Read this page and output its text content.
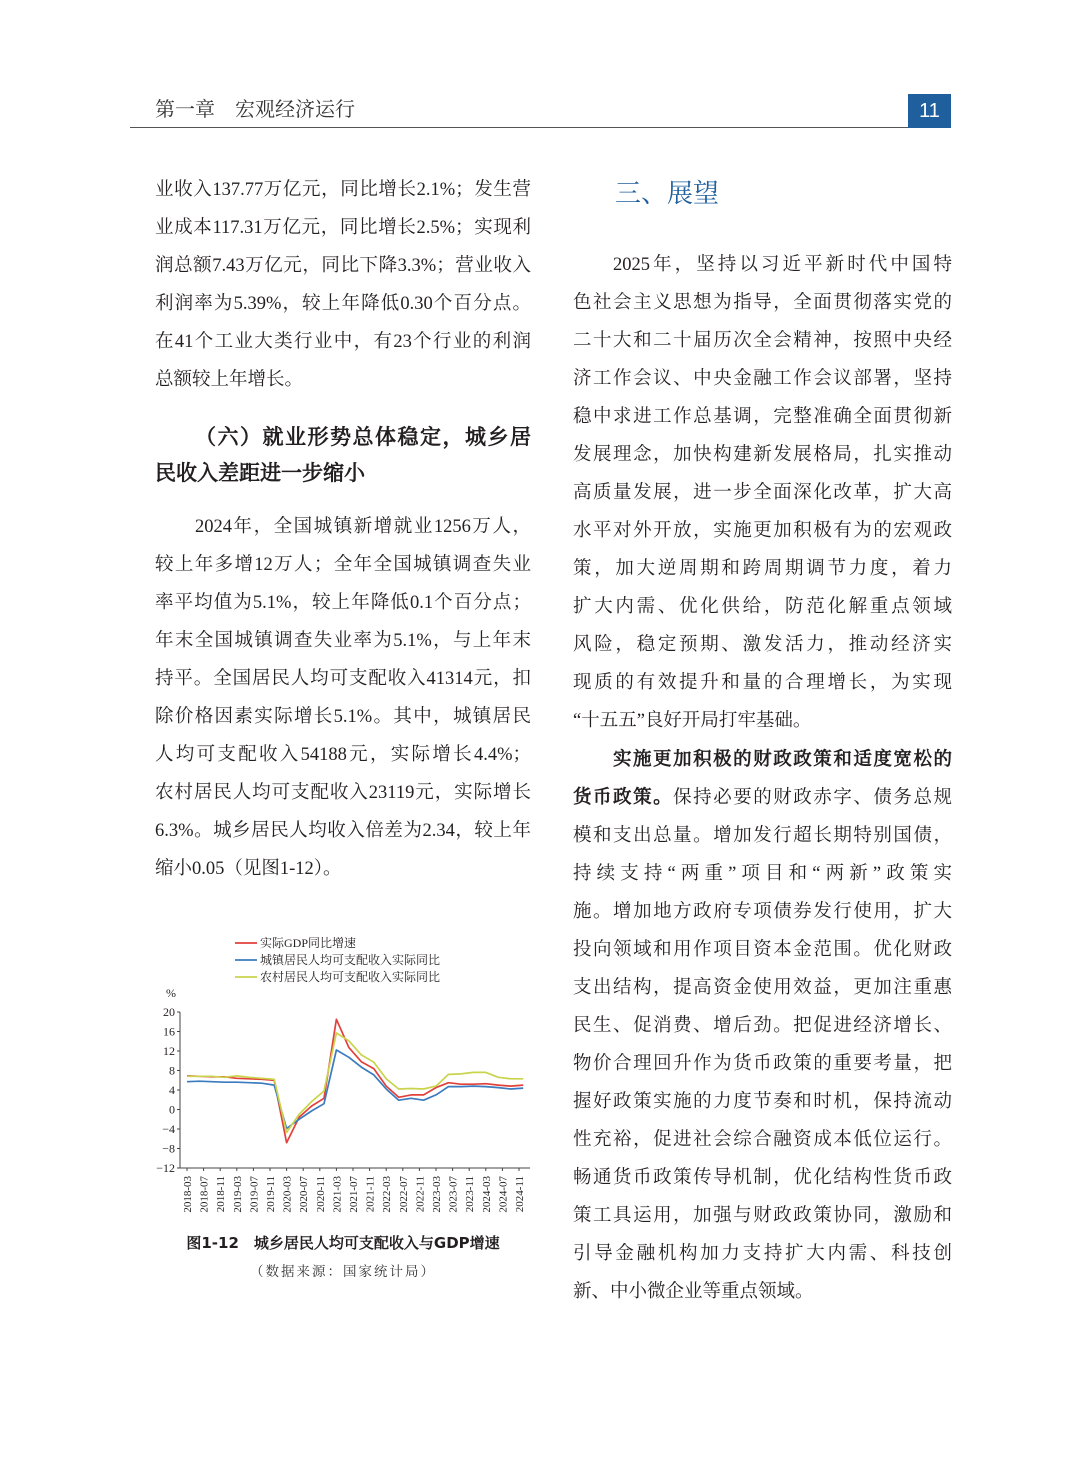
第一章　宏观经济运行	11
业收入137.77万亿元，同比增长2.1%；发生营
业成本117.31万亿元，同比增长2.5%；实现利
润总额7.43万亿元，同比下降3.3%；营业收入
利润率为5.39%，较上年降低0.30个百分点。
在41个工业大类行业中，有23个行业的利润
总额较上年增长。
（六）就业形势总体稳定，城乡居
民收入差距进一步缩小
2024年，全国城镇新增就业1256万人，
较上年多增12万人；全年全国城镇调查失业
率平均值为5.1%，较上年降低0.1个百分点；
年末全国城镇调查失业率为5.1%，与上年末
持平。全国居民人均可支配收入41314元，扣
除价格因素实际增长5.1%。其中，城镇居民
人均可支配收入54188元，实际增长4.4%；
农村居民人均可支配收入23119元，实际增长
6.3%。城乡居民人均收入倍差为2.34，较上年
缩小0.05（见图1-12）。
实际GDP同比增速
城镇居民人均可支配收入实际同比
农村居民人均可支配收入实际同比
%
20
16
12
8
4
0
−4
−8
−12
2018-03 2018-07 2018-11 2019-03 2019-07 2019-11 2020-03 2020-07 2020-11 2021-03 2021-07 2021-11 2022-03 2022-07 2022-11 2023-03 2023-07 2023-11 2024-03 2024-07 2024-11
图1-12　城乡居民人均可支配收入与GDP增速
（数据来源：国家统计局）
三、展望
2025年，坚持以习近平新时代中国特
色社会主义思想为指导，全面贯彻落实党的
二十大和二十届历次全会精神，按照中央经
济工作会议、中央金融工作会议部署，坚持
稳中求进工作总基调，完整准确全面贯彻新
发展理念，加快构建新发展格局，扎实推动
高质量发展，进一步全面深化改革，扩大高
水平对外开放，实施更加积极有为的宏观政
策，加大逆周期和跨周期调节力度，着力
扩大内需、优化供给，防范化解重点领域
风险，稳定预期、激发活力，推动经济实
现质的有效提升和量的合理增长，为实现
“十五五”良好开局打牢基础。
实施更加积极的财政政策和适度宽松的
货币政策。保持必要的财政赤字、债务总规
模和支出总量。增加发行超长期特别国债，
持续支持“两重”项目和“两新”政策实
施。增加地方政府专项债券发行使用，扩大
投向领域和用作项目资本金范围。优化财政
支出结构，提高资金使用效益，更加注重惠
民生、促消费、增后劲。把促进经济增长、
物价合理回升作为货币政策的重要考量，把
握好政策实施的力度节奏和时机，保持流动
性充裕，促进社会综合融资成本低位运行。
畅通货币政策传导机制，优化结构性货币政
策工具运用，加强与财政政策协同，激励和
引导金融机构加力支持扩大内需、科技创
新、中小微企业等重点领域。
